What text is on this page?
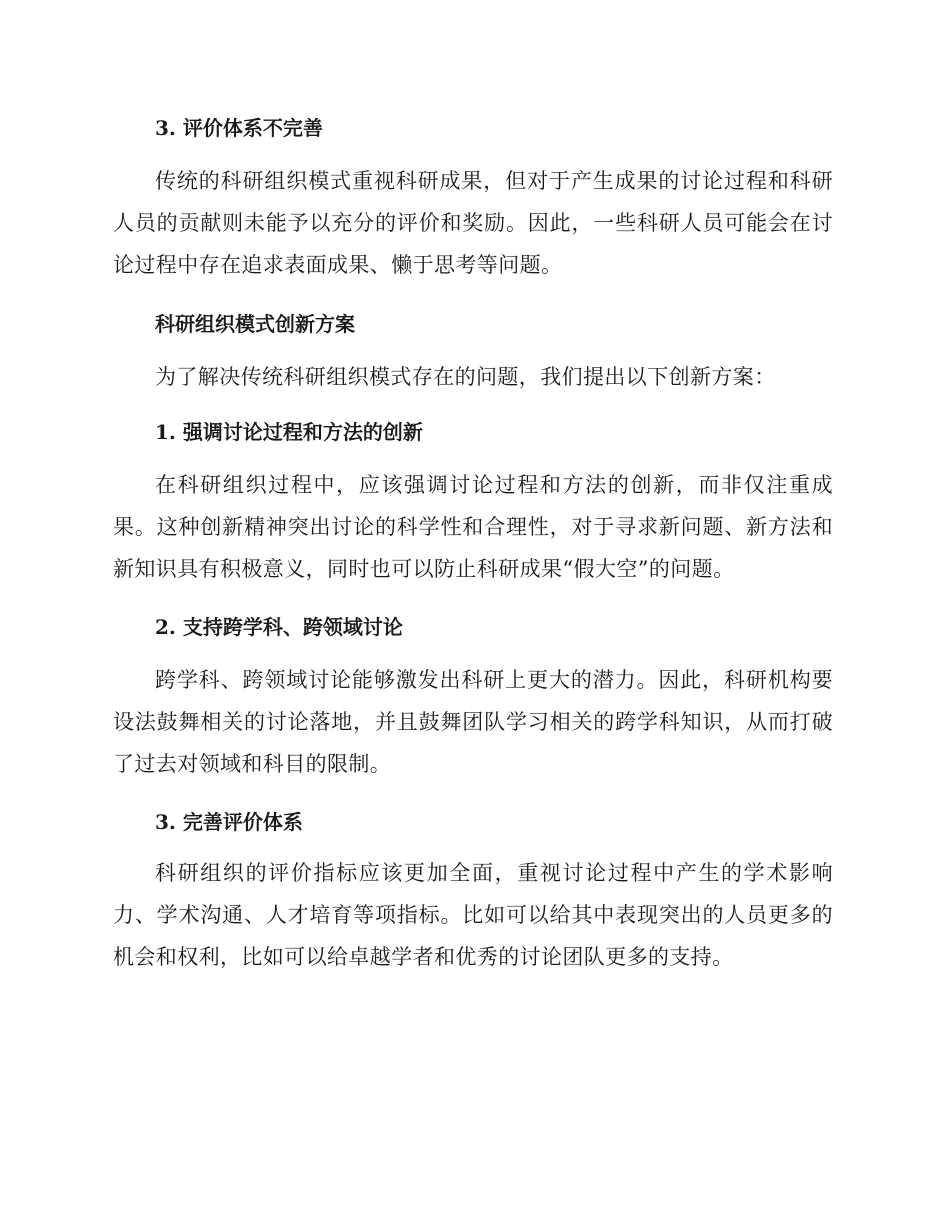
3. 评价体系不完善
传统的科研组织模式重视科研成果，但对于产生成果的讨论过程和科研人员的贡献则未能予以充分的评价和奖励。因此，一些科研人员可能会在讨论过程中存在追求表面成果、懒于思考等问题。
科研组织模式创新方案
为了解决传统科研组织模式存在的问题，我们提出以下创新方案：
1. 强调讨论过程和方法的创新
在科研组织过程中，应该强调讨论过程和方法的创新，而非仅注重成果。这种创新精神突出讨论的科学性和合理性，对于寻求新问题、新方法和新知识具有积极意义，同时也可以防止科研成果“假大空”的问题。
2. 支持跨学科、跨领域讨论
跨学科、跨领域讨论能够激发出科研上更大的潜力。因此，科研机构要设法鼓舞相关的讨论落地，并且鼓舞团队学习相关的跨学科知识，从而打破了过去对领域和科目的限制。
3. 完善评价体系
科研组织的评价指标应该更加全面，重视讨论过程中产生的学术影响力、学术沟通、人才培育等项指标。比如可以给其中表现突出的人员更多的机会和权利，比如可以给卓越学者和优秀的讨论团队更多的支持。
